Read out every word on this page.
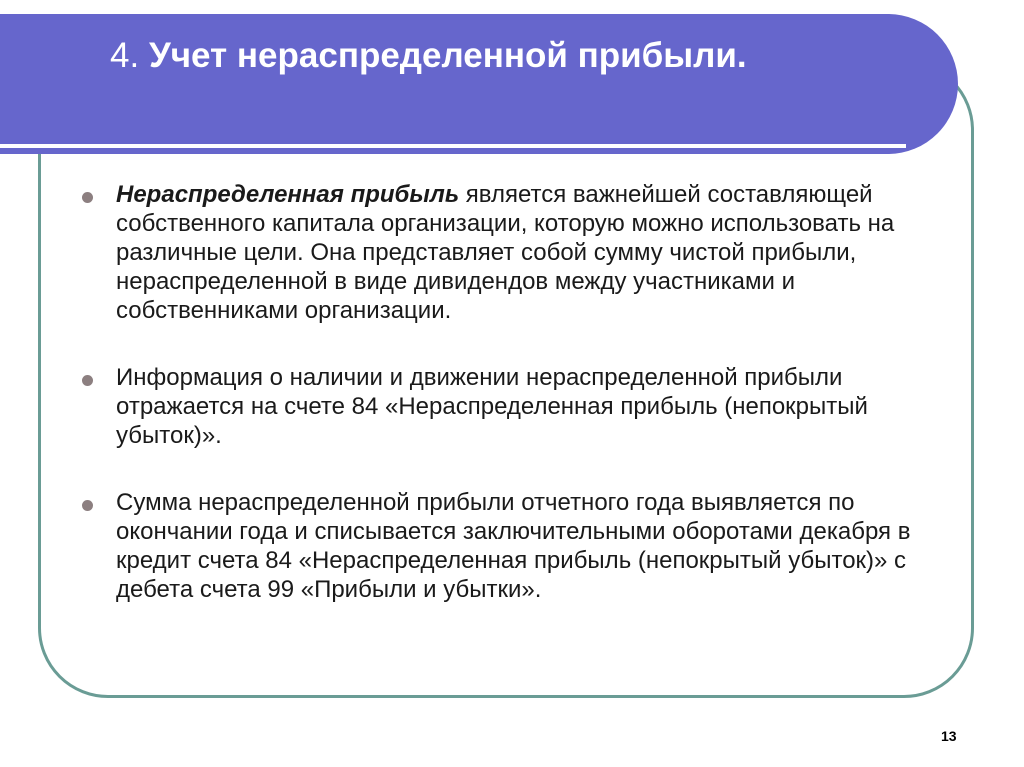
4. Учет нераспределенной прибыли.
Нераспределенная прибыль является важнейшей составляющей собственного капитала организации, которую можно использовать на различные цели. Она представляет собой сумму чистой прибыли, нераспределенной в виде дивидендов между участниками и собственниками организации.
Информация о наличии и движении нераспределенной прибыли отражается на счете 84 «Нераспределенная прибыль (непокрытый убыток)».
Сумма нераспределенной прибыли отчетного года выявляется по окончании года и списывается заключительными оборотами декабря в кредит счета 84 «Нераспределенная прибыль (непокрытый убыток)» с дебета счета 99 «Прибыли и убытки».
13
